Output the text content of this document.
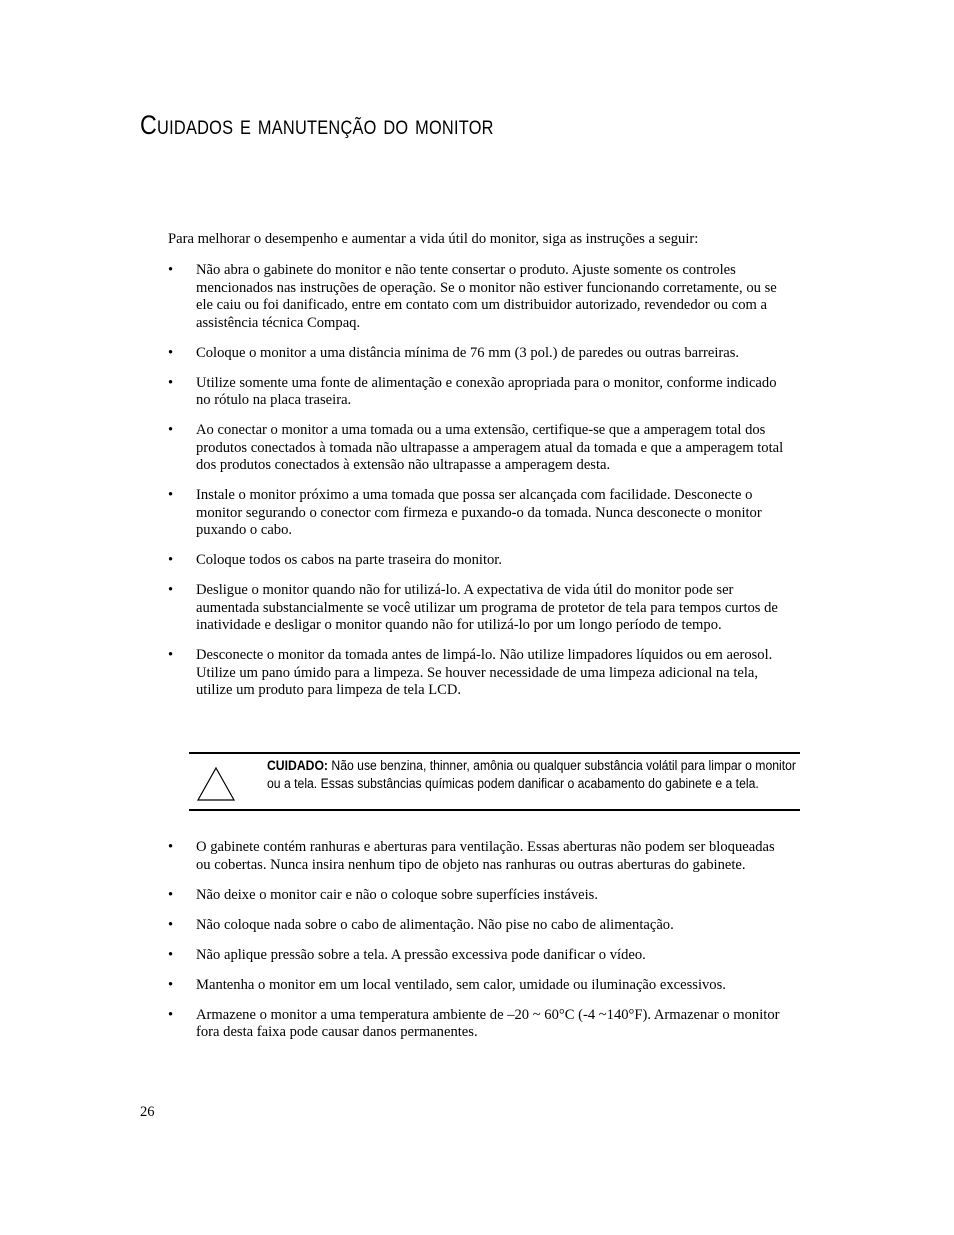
Cuidados e manutenção do monitor

Para melhorar o desempenho e aumentar a vida útil do monitor, siga as instruções a seguir:

• Não abra o gabinete do monitor e não tente consertar o produto. Ajuste somente os controles mencionados nas instruções de operação. Se o monitor não estiver funcionando corretamente, ou se ele caiu ou foi danificado, entre em contato com um distribuidor autorizado, revendedor ou com a assistência técnica Compaq.
• Coloque o monitor a uma distância mínima de 76 mm (3 pol.) de paredes ou outras barreiras.
• Utilize somente uma fonte de alimentação e conexão apropriada para o monitor, conforme indicado no rótulo na placa traseira.
• Ao conectar o monitor a uma tomada ou a uma extensão, certifique-se que a amperagem total dos produtos conectados à tomada não ultrapasse a amperagem atual da tomada e que a amperagem total dos produtos conectados à extensão não ultrapasse a amperagem desta.
• Instale o monitor próximo a uma tomada que possa ser alcançada com facilidade. Desconecte o monitor segurando o conector com firmeza e puxando-o da tomada. Nunca desconecte o monitor puxando o cabo.
• Coloque todos os cabos na parte traseira do monitor.
• Desligue o monitor quando não for utilizá-lo. A expectativa de vida útil do monitor pode ser aumentada substancialmente se você utilizar um programa de protetor de tela para tempos curtos de inatividade e desligar o monitor quando não for utilizá-lo por um longo período de tempo.
• Desconecte o monitor da tomada antes de limpá-lo. Não utilize limpadores líquidos ou em aerosol. Utilize um pano úmido para a limpeza. Se houver necessidade de uma limpeza adicional na tela, utilize um produto para limpeza de tela LCD.
CUIDADO: Não use benzina, thinner, amônia ou qualquer substância volátil para limpar o monitor ou a tela. Essas substâncias químicas podem danificar o acabamento do gabinete e a tela.
• O gabinete contém ranhuras e aberturas para ventilação. Essas aberturas não podem ser bloqueadas ou cobertas. Nunca insira nenhum tipo de objeto nas ranhuras ou outras aberturas do gabinete.
• Não deixe o monitor cair e não o coloque sobre superfícies instáveis.
• Não coloque nada sobre o cabo de alimentação. Não pise no cabo de alimentação.
• Não aplique pressão sobre a tela. A pressão excessiva pode danificar o vídeo.
• Mantenha o monitor em um local ventilado, sem calor, umidade ou iluminação excessivos.
• Armazene o monitor a uma temperatura ambiente de –20 ~ 60°C (-4 ~140°F). Armazenar o monitor fora desta faixa pode causar danos permanentes.
26
